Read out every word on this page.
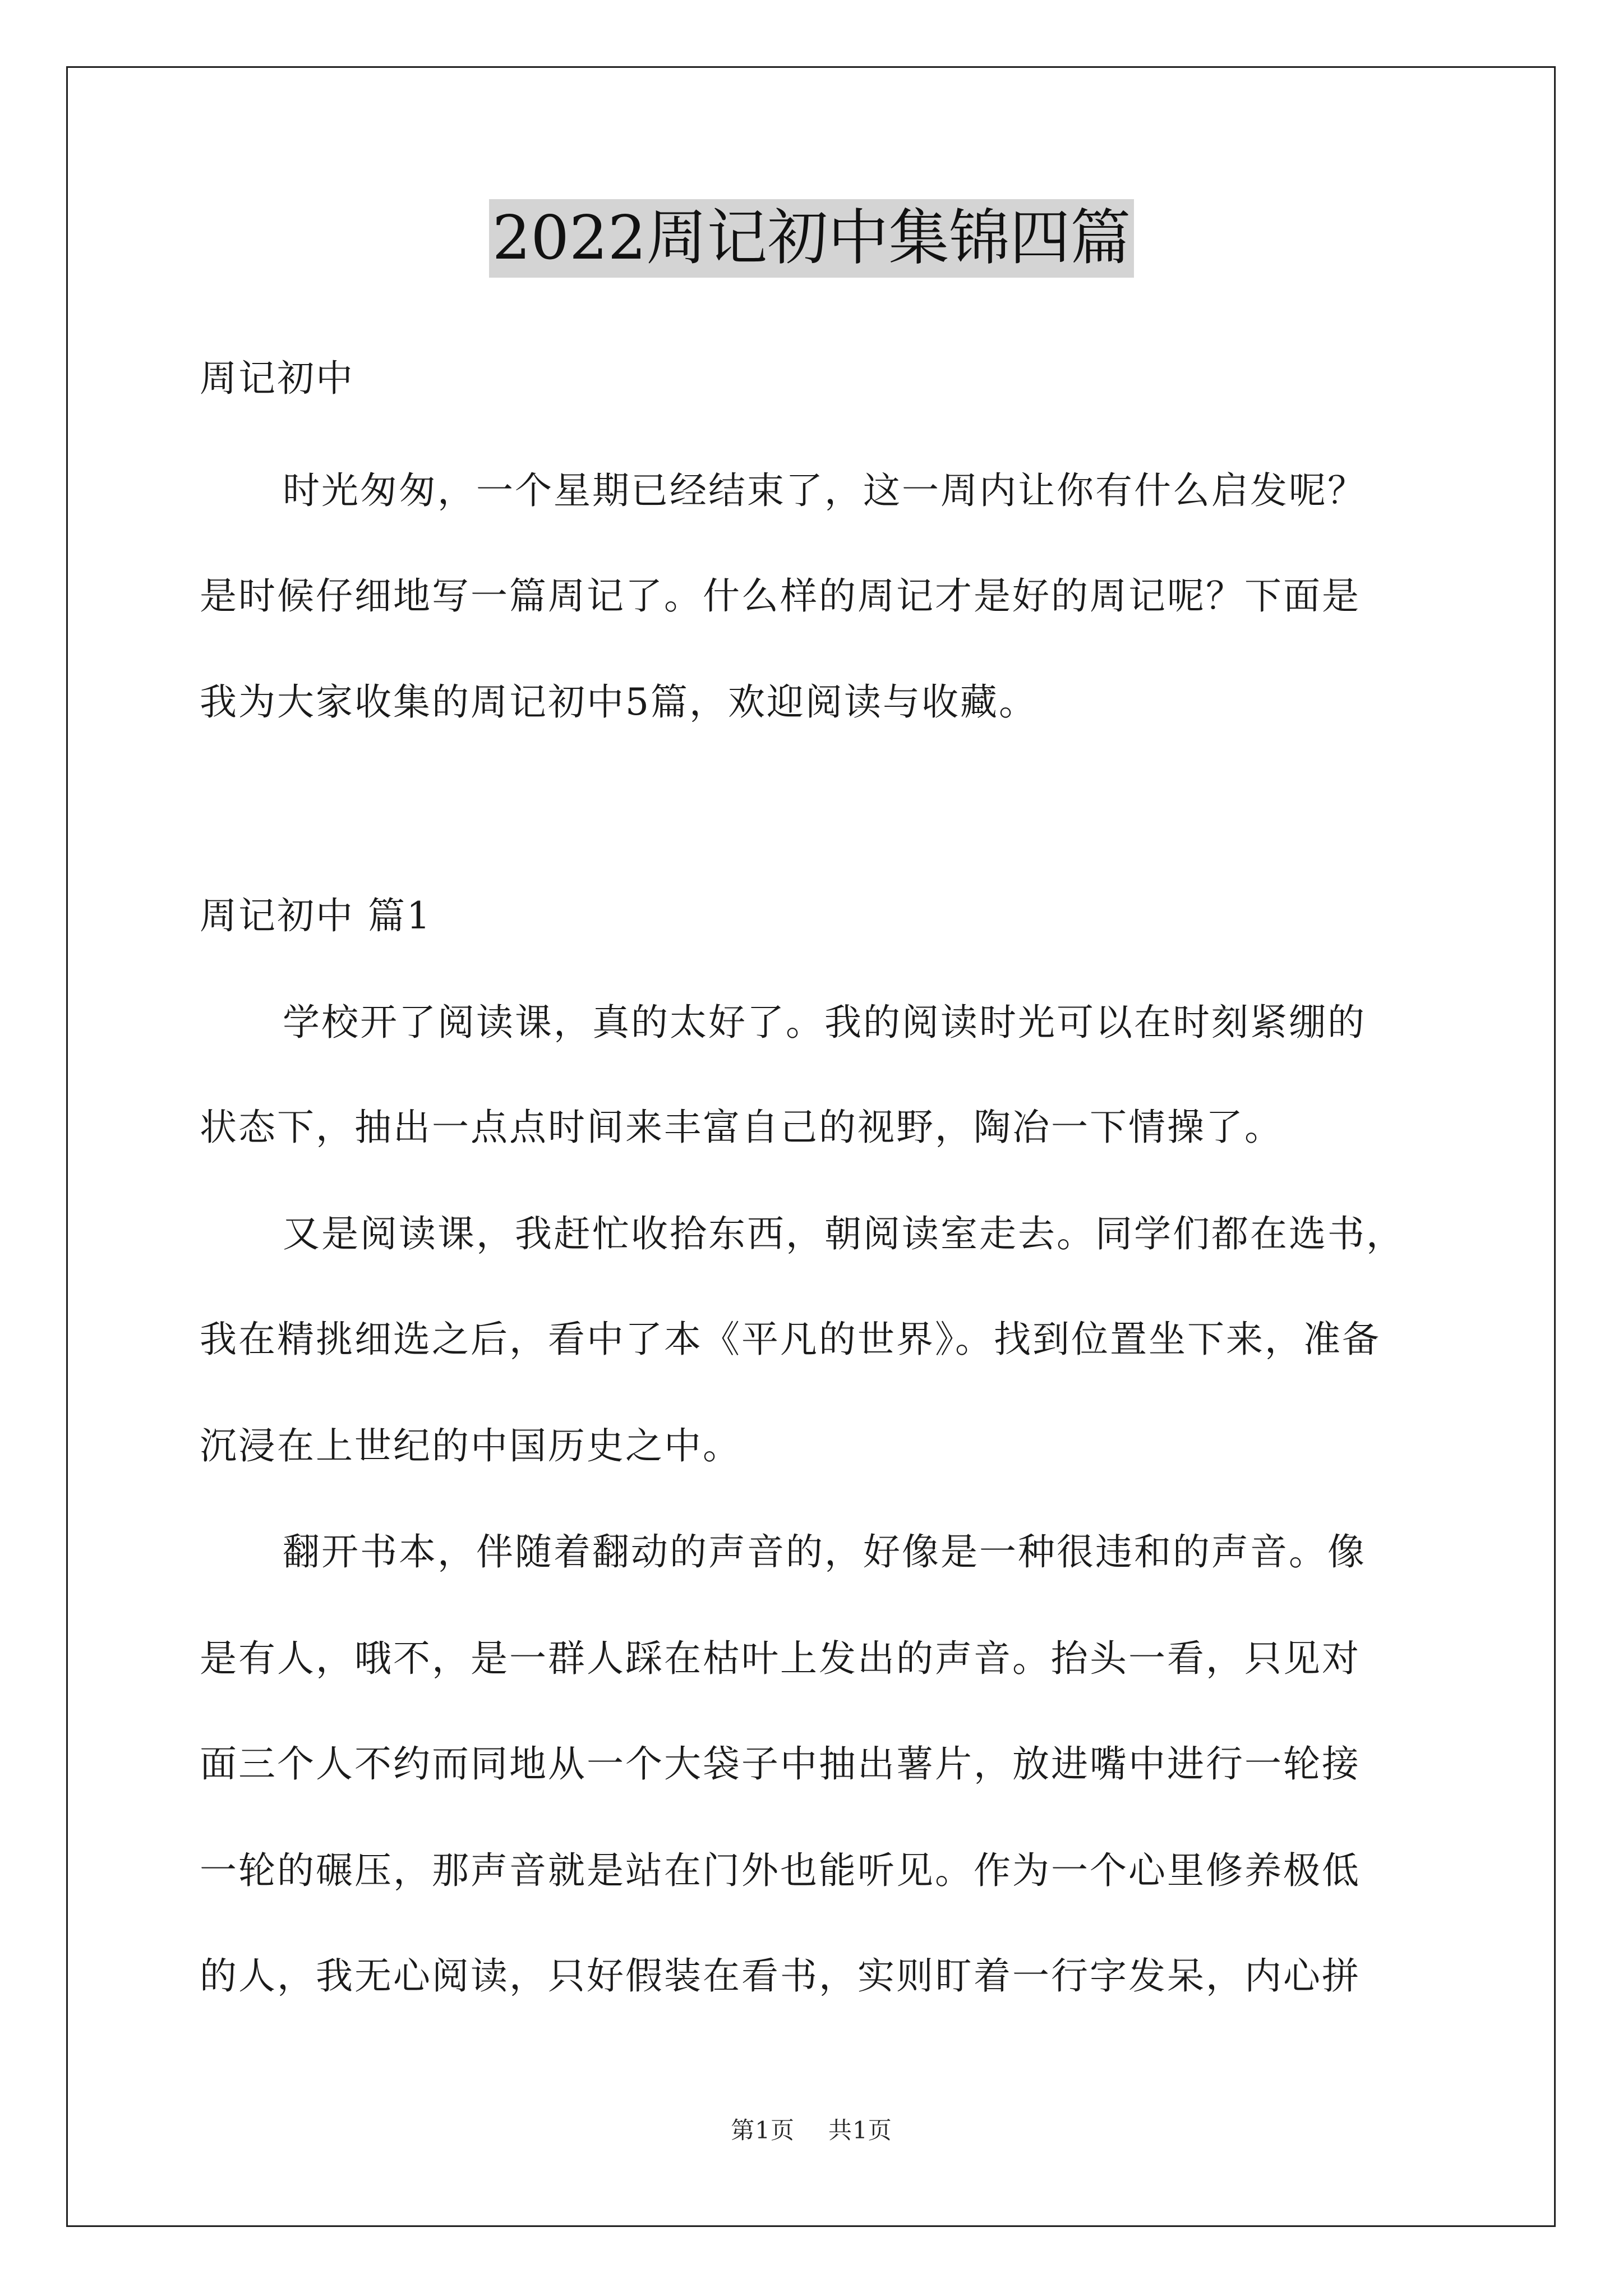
2022周记初中集锦四篇
周记初中
时光匆匆，一个星期已经结束了，这一周内让你有什么启发呢？
是时候仔细地写一篇周记了。什么样的周记才是好的周记呢？下面是
我为大家收集的周记初中5篇，欢迎阅读与收藏。
周记初中 篇1
学校开了阅读课，真的太好了。我的阅读时光可以在时刻紧绷的
状态下，抽出一点点时间来丰富自己的视野，陶冶一下情操了。
又是阅读课，我赶忙收拾东西，朝阅读室走去。同学们都在选书，
我在精挑细选之后，看中了本《平凡的世界》。找到位置坐下来，准备
沉浸在上世纪的中国历史之中。
翻开书本，伴随着翻动的声音的，好像是一种很违和的声音。像
是有人，哦不，是一群人踩在枯叶上发出的声音。抬头一看，只见对
面三个人不约而同地从一个大袋子中抽出薯片，放进嘴中进行一轮接
一轮的碾压，那声音就是站在门外也能听见。作为一个心里修养极低
的人，我无心阅读，只好假装在看书，实则盯着一行字发呆，内心拼
第1页 共1页
